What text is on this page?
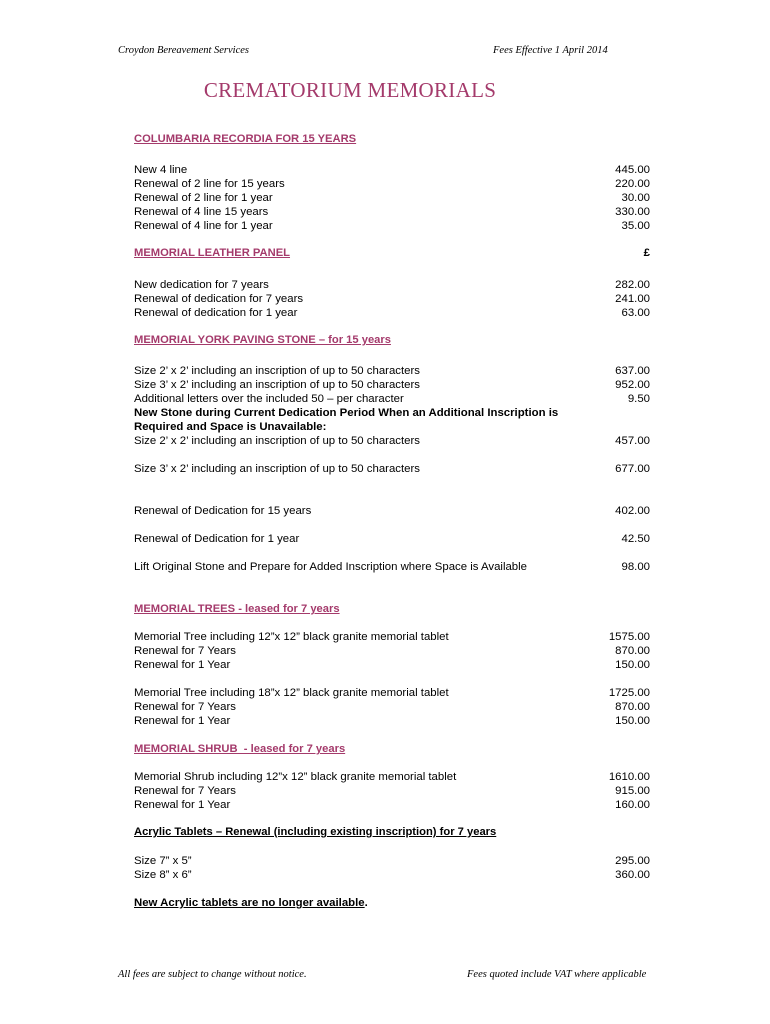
Croydon Bereavement Services	Fees Effective 1 April 2014
CREMATORIUM MEMORIALS
COLUMBARIA RECORDIA FOR 15 YEARS
New 4 line	445.00
Renewal of 2 line for 15 years	220.00
Renewal of 2 line for 1 year	30.00
Renewal of 4 line 15 years	330.00
Renewal of 4 line for 1 year	35.00
MEMORIAL LEATHER PANEL	£
New dedication for 7 years	282.00
Renewal of dedication for 7 years	241.00
Renewal of dedication for 1 year	63.00
MEMORIAL YORK PAVING STONE – for 15 years
Size 2’ x 2’ including an inscription of up to 50 characters	637.00
Size 3’ x 2’ including an inscription of up to 50 characters	952.00
Additional letters over the included 50 – per character	9.50
New Stone during Current Dedication Period When an Additional Inscription is
Required and Space is Unavailable:
Size 2’ x 2’ including an inscription of up to 50 characters	457.00
Size 3’ x 2’ including an inscription of up to 50 characters	677.00
Renewal of Dedication for 15 years	402.00
Renewal of Dedication for 1 year	42.50
Lift Original Stone and Prepare for Added Inscription where Space is Available	98.00
MEMORIAL TREES - leased for 7 years
Memorial Tree including 12”x 12” black granite memorial tablet	1575.00
Renewal for 7 Years	870.00
Renewal for 1 Year	150.00
Memorial Tree including 18”x 12” black granite memorial tablet	1725.00
Renewal for 7 Years	870.00
Renewal for 1 Year	150.00
MEMORIAL SHRUB  - leased for 7 years
Memorial Shrub including 12”x 12” black granite memorial tablet	1610.00
Renewal for 7 Years	915.00
Renewal for 1 Year	160.00
Acrylic Tablets – Renewal (including existing inscription) for 7 years
Size 7” x 5”	295.00
Size 8” x 6”	360.00
New Acrylic tablets are no longer available.
All fees are subject to change without notice.	Fees quoted include VAT where applicable
